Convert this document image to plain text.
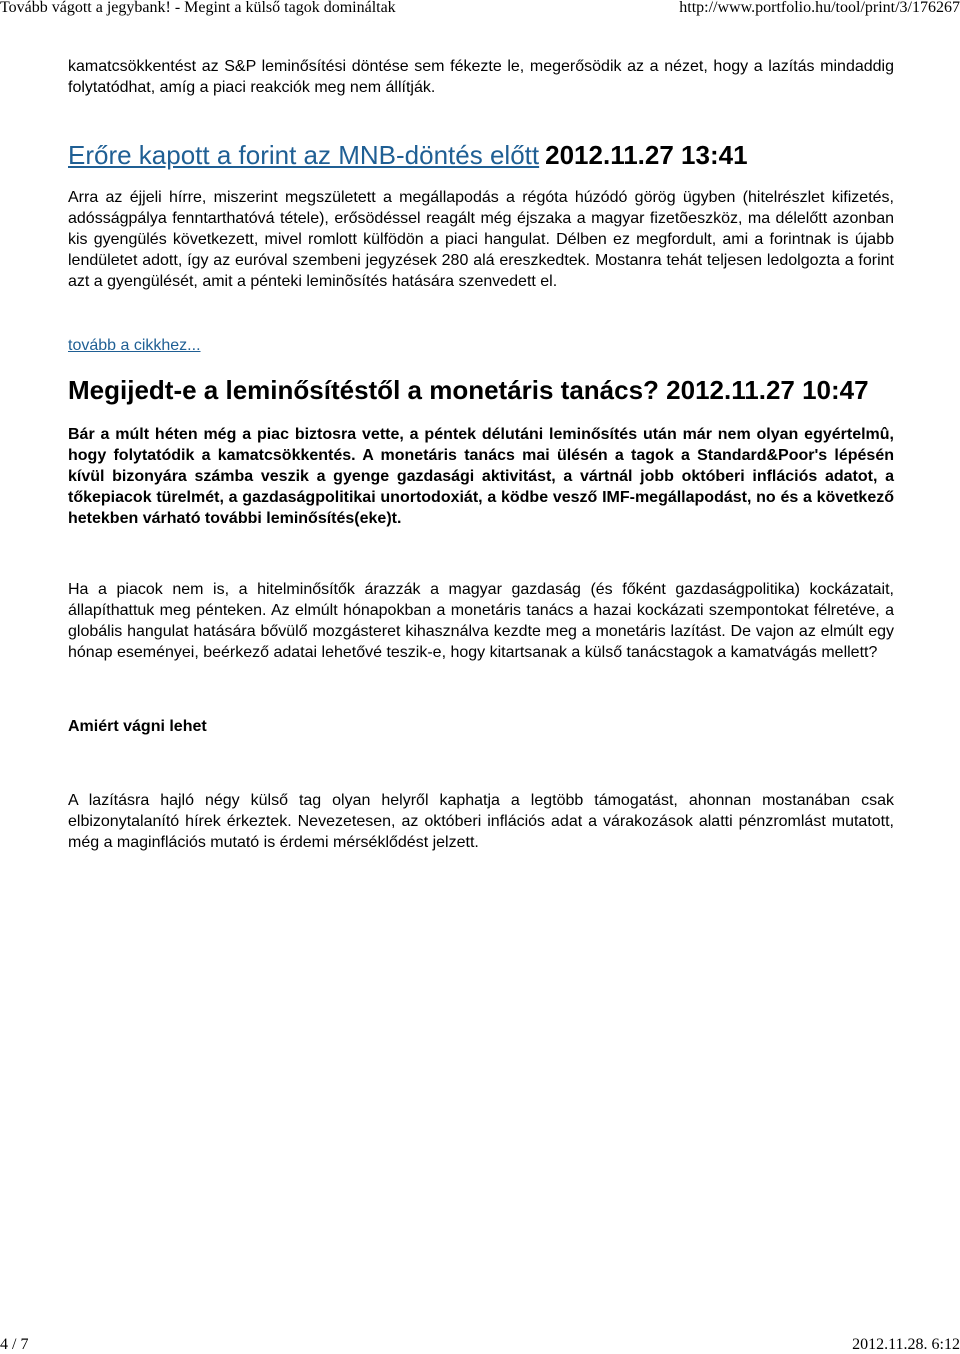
Tovább vágott a jegybank! - Megint a külső tagok domináltak	http://www.portfolio.hu/tool/print/3/176267

kamatcsökkentést az S&P leminősítési döntése sem fékezte le, megerősödik az a nézet, hogy a lazítás mindaddig folytatódhat, amíg a piaci reakciók meg nem állítják.

Erőre kapott a forint az MNB-döntés előtt 2012.11.27 13:41

Arra az éjjeli hírre, miszerint megszületett a megállapodás a régóta húzódó görög ügyben (hitelrészlet kifizetés, adósságpálya fenntarthatóvá tétele), erősödéssel reagált még éjszaka a magyar fizetõeszköz, ma délelőtt azonban kis gyengülés következett, mivel romlott külfödön a piaci hangulat. Délben ez megfordult, ami a forintnak is újabb lendületet adott, így az euróval szembeni jegyzések 280 alá ereszkedtek. Mostanra tehát teljesen ledolgozta a forint azt a gyengülését, amit a pénteki leminõsítés hatására szenvedett el.

tovább a cikkhez...
Megijedt-e a leminősítéstől a monetáris tanács? 2012.11.27 10:47

Bár a múlt héten még a piac biztosra vette, a péntek délutáni leminősítés után már nem olyan egyértelmû, hogy folytatódik a kamatcsökkentés. A monetáris tanács mai ülésén a tagok a Standard&Poor's lépésén kívül bizonyára számba veszik a gyenge gazdasági aktivitást, a vártnál jobb októberi inflációs adatot, a tőkepiacok türelmét, a gazdaságpolitikai unortodoxiát, a ködbe vesző IMF-megállapodást, no és a következő hetekben várható további leminősítés(eke)t.

Ha a piacok nem is, a hitelminősítők árazzák a magyar gazdaság (és főként gazdaságpolitika) kockázatait, állapíthattuk meg pénteken. Az elmúlt hónapokban a monetáris tanács a hazai kockázati szempontokat félretéve, a globális hangulat hatására bővülő mozgásteret kihasználva kezdte meg a monetáris lazítást. De vajon az elmúlt egy hónap eseményei, beérkező adatai lehetővé teszik-e, hogy kitartsanak a külső tanácstagok a kamatvágás mellett?

Amiért vágni lehet

A lazításra hajló négy külső tag olyan helyről kaphatja a legtöbb támogatást, ahonnan mostanában csak elbizonytalanító hírek érkeztek. Nevezetesen, az októberi inflációs adat a várakozások alatti pénzromlást mutatott, még a maginflációs mutató is érdemi mérséklődést jelzett.

4 / 7	2012.11.28. 6:12
